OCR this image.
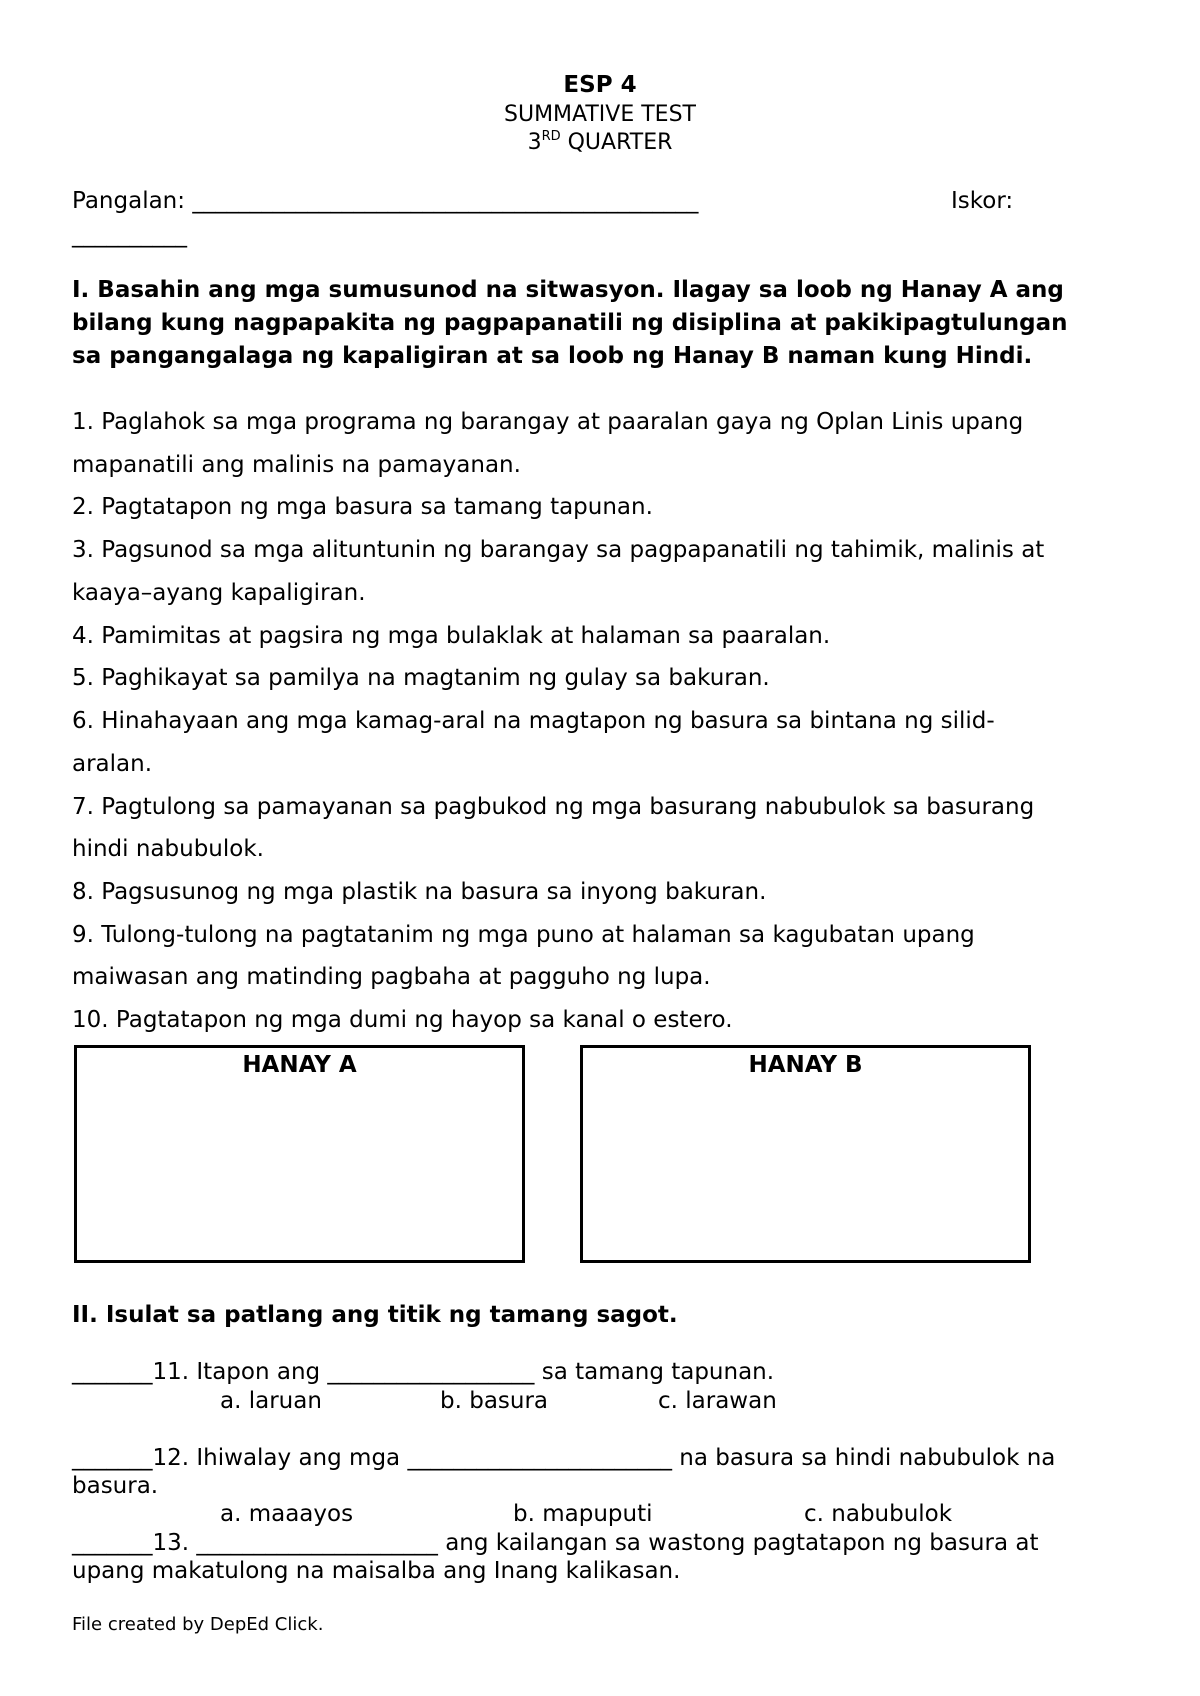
ESP 4
SUMMATIVE TEST
3RD QUARTER
Pangalan: ____________________________________________	Iskor:
__________
I. Basahin ang mga sumusunod na sitwasyon. Ilagay sa loob ng Hanay A ang
bilang kung nagpapakita ng pagpapanatili ng disiplina at pakikipagtulungan
sa pangangalaga ng kapaligiran at sa loob ng Hanay B naman kung Hindi.
1. Paglahok sa mga programa ng barangay at paaralan gaya ng Oplan Linis upang
mapanatili ang malinis na pamayanan.
2. Pagtatapon ng mga basura sa tamang tapunan.
3. Pagsunod sa mga alituntunin ng barangay sa pagpapanatili ng tahimik, malinis at
kaaya–ayang kapaligiran.
4. Pamimitas at pagsira ng mga bulaklak at halaman sa paaralan.
5. Paghikayat sa pamilya na magtanim ng gulay sa bakuran.
6. Hinahayaan ang mga kamag-aral na magtapon ng basura sa bintana ng silid-
aralan.
7. Pagtulong sa pamayanan sa pagbukod ng mga basurang nabubulok sa basurang
hindi nabubulok.
8. Pagsusunog ng mga plastik na basura sa inyong bakuran.
9. Tulong-tulong na pagtatanim ng mga puno at halaman sa kagubatan upang
maiwasan ang matinding pagbaha at pagguho ng lupa.
10. Pagtatapon ng mga dumi ng hayop sa kanal o estero.
HANAY A	HANAY B
II. Isulat sa patlang ang titik ng tamang sagot.
_______11. Itapon ang __________________ sa tamang tapunan.
a. laruan	b. basura	c. larawan
_______12. Ihiwalay ang mga _______________________ na basura sa hindi nabubulok na
basura.
a. maaayos	b. mapuputi	c. nabubulok
_______13. _____________________ ang kailangan sa wastong pagtatapon ng basura at
upang makatulong na maisalba ang Inang kalikasan.
File created by DepEd Click.
